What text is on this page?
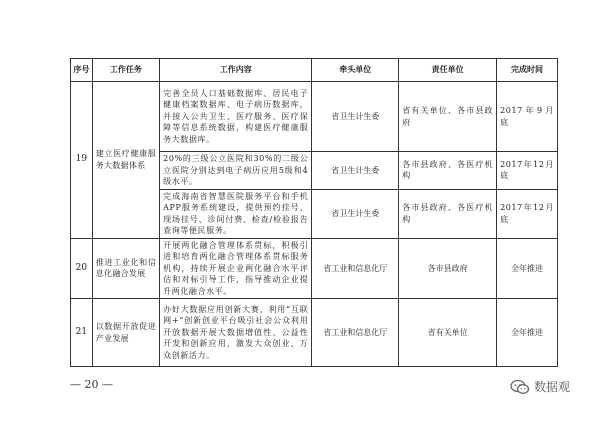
序号	工作任务	工作内容	牵头单位	责任单位	完成时间
19	建立医疗健康服务大数据体系	完善全员人口基础数据库、居民电子健康档案数据库、电子病历数据库，并接入公共卫生、医疗服务、医疗保障等信息系统数据，构建医疗健康服务大数据库。	省卫生计生委	省有关单位、各市县政府	2017年9月底
		20%的三级公立医院和30%的二级公立医院分别达到电子病历应用5级和4级水平。	省卫生计生委	各市县政府、各医疗机构	2017年12月底
		完成海南省智慧医院服务平台和手机APP服务系统建设，提供预约挂号、现场挂号、诊间付费、检查/检验报告查询等便民服务。	省卫生计生委	各市县政府、各医疗机构	2017年12月底
20	推进工业化和信息化融合发展	开展两化融合管理体系贯标，积极引进和培育两化融合管理体系贯标服务机构，持续开展企业两化融合水平评估和对标引导工作，指导推动企业提升两化融合水平。	省工业和信息化厅	各市县政府	全年推进
21	以数据开放促进产业发展	办好大数据应用创新大赛，利用“互联网+”创新创业平台吸引社会公众利用开放数据开展大数据增值性、公益性开发和创新应用，激发大众创业、万众创新活力。	省工业和信息化厅	省有关单位	全年推进
— 20 —	数据观
